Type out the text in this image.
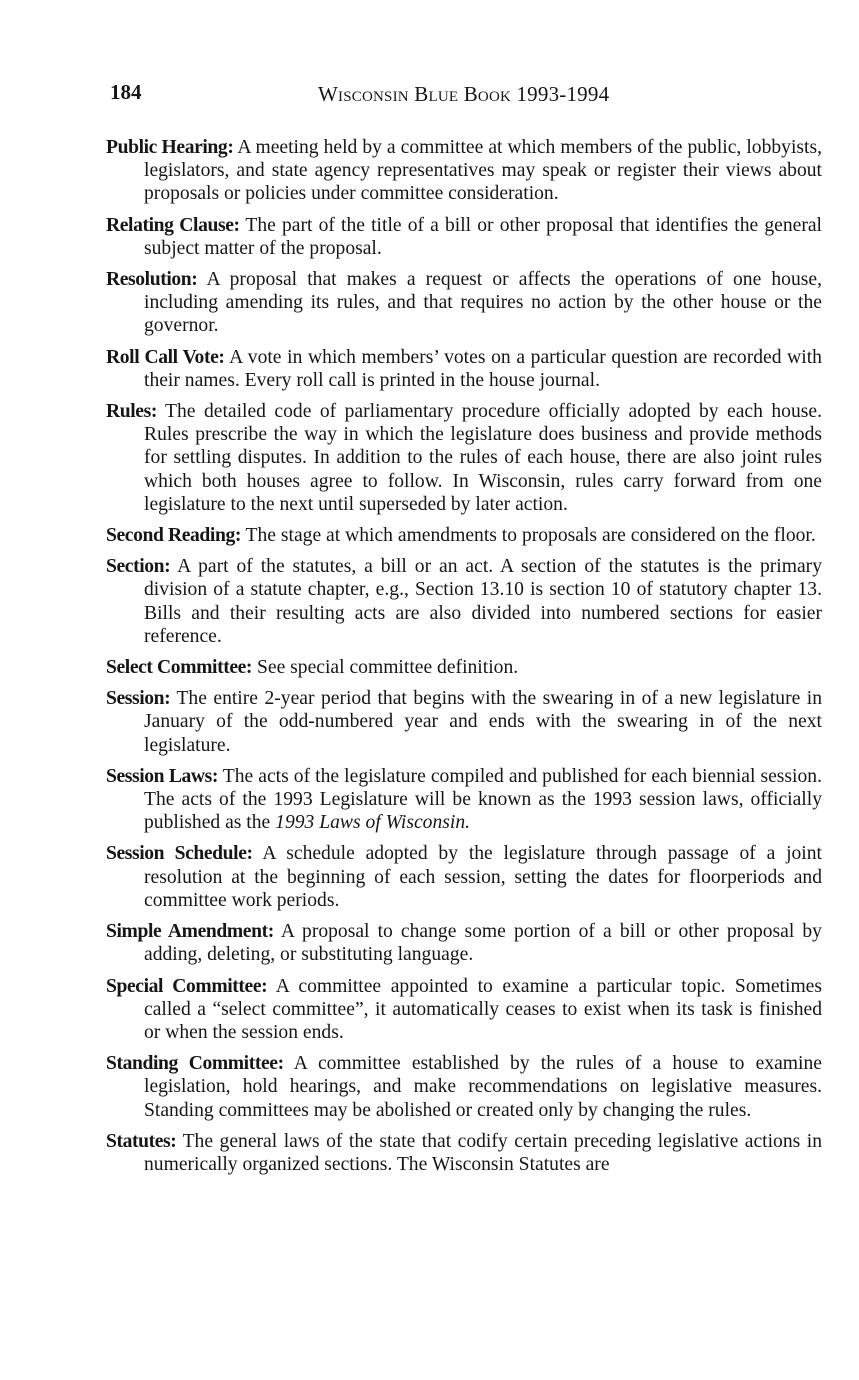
184	WISCONSIN BLUE BOOK 1993-1994

Public Hearing: A meeting held by a committee at which members of the public, lobbyists, legislators, and state agency representatives may speak or register their views about proposals or policies under committee consideration.

Relating Clause: The part of the title of a bill or other proposal that identifies the general subject matter of the proposal.

Resolution: A proposal that makes a request or affects the operations of one house, including amending its rules, and that requires no action by the other house or the governor.

Roll Call Vote: A vote in which members’ votes on a particular question are recorded with their names. Every roll call is printed in the house journal.

Rules: The detailed code of parliamentary procedure officially adopted by each house. Rules prescribe the way in which the legislature does business and provide methods for settling disputes. In addition to the rules of each house, there are also joint rules which both houses agree to follow. In Wisconsin, rules carry forward from one legislature to the next until superseded by later action.

Second Reading: The stage at which amendments to proposals are considered on the floor.

Section: A part of the statutes, a bill or an act. A section of the statutes is the primary division of a statute chapter, e.g., Section 13.10 is section 10 of statutory chapter 13. Bills and their resulting acts are also divided into numbered sections for easier reference.

Select Committee: See special committee definition.

Session: The entire 2-year period that begins with the swearing in of a new legislature in January of the odd-numbered year and ends with the swearing in of the next legislature.

Session Laws: The acts of the legislature compiled and published for each biennial session. The acts of the 1993 Legislature will be known as the 1993 session laws, officially published as the 1993 Laws of Wisconsin.

Session Schedule: A schedule adopted by the legislature through passage of a joint resolution at the beginning of each session, setting the dates for floorperiods and committee work periods.

Simple Amendment: A proposal to change some portion of a bill or other proposal by adding, deleting, or substituting language.

Special Committee: A committee appointed to examine a particular topic. Sometimes called a “select committee”, it automatically ceases to exist when its task is finished or when the session ends.

Standing Committee: A committee established by the rules of a house to examine legislation, hold hearings, and make recommendations on legislative measures. Standing committees may be abolished or created only by changing the rules.

Statutes: The general laws of the state that codify certain preceding legislative actions in numerically organized sections. The Wisconsin Statutes are
